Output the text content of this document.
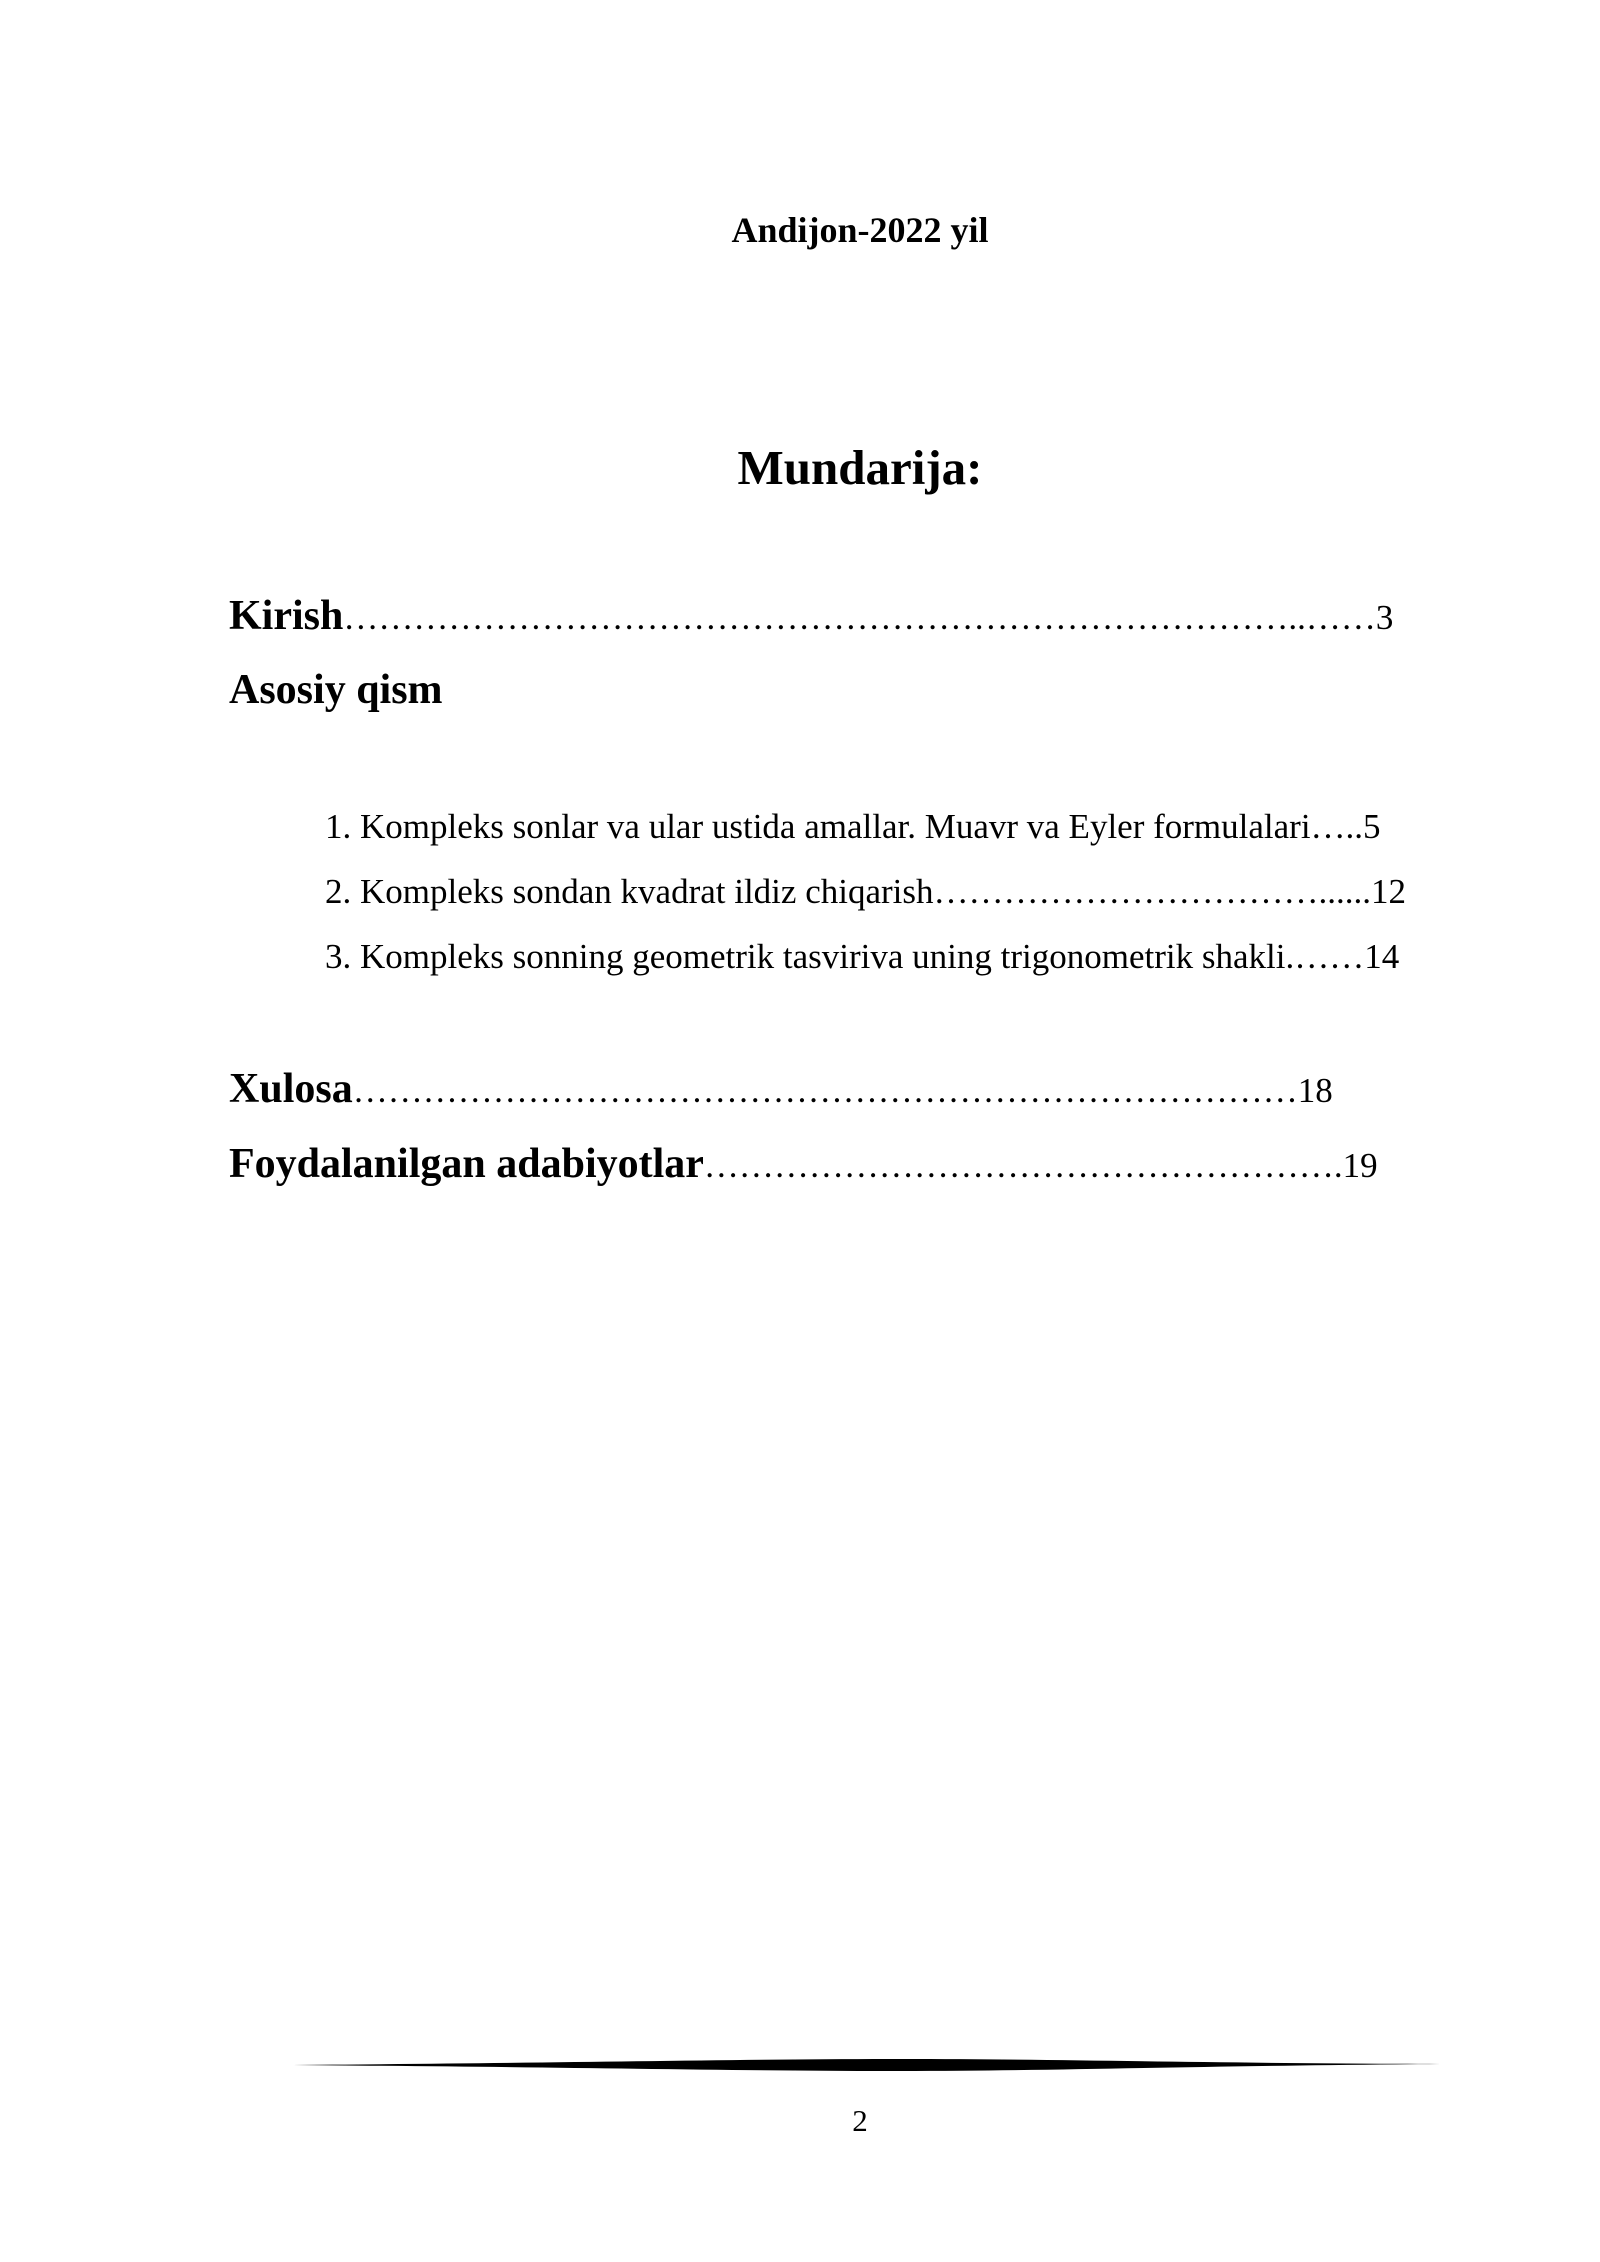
Andijon-2022 yil
Mundarija:
Kirish………………………………………………………………………..……3
Asosiy qism
1. Kompleks sonlar va ular ustida amallar. Muavr va Eyler formulalari…..5
2. Kompleks sondan kvadrat ildiz chiqarish……………………………......12
3. Kompleks sonning geometrik tasviriva uning trigonometrik shakli.……14
Xulosa………………………………………………………………………18
Foydalanilgan adabiyotlar……………………………………………….19
2
